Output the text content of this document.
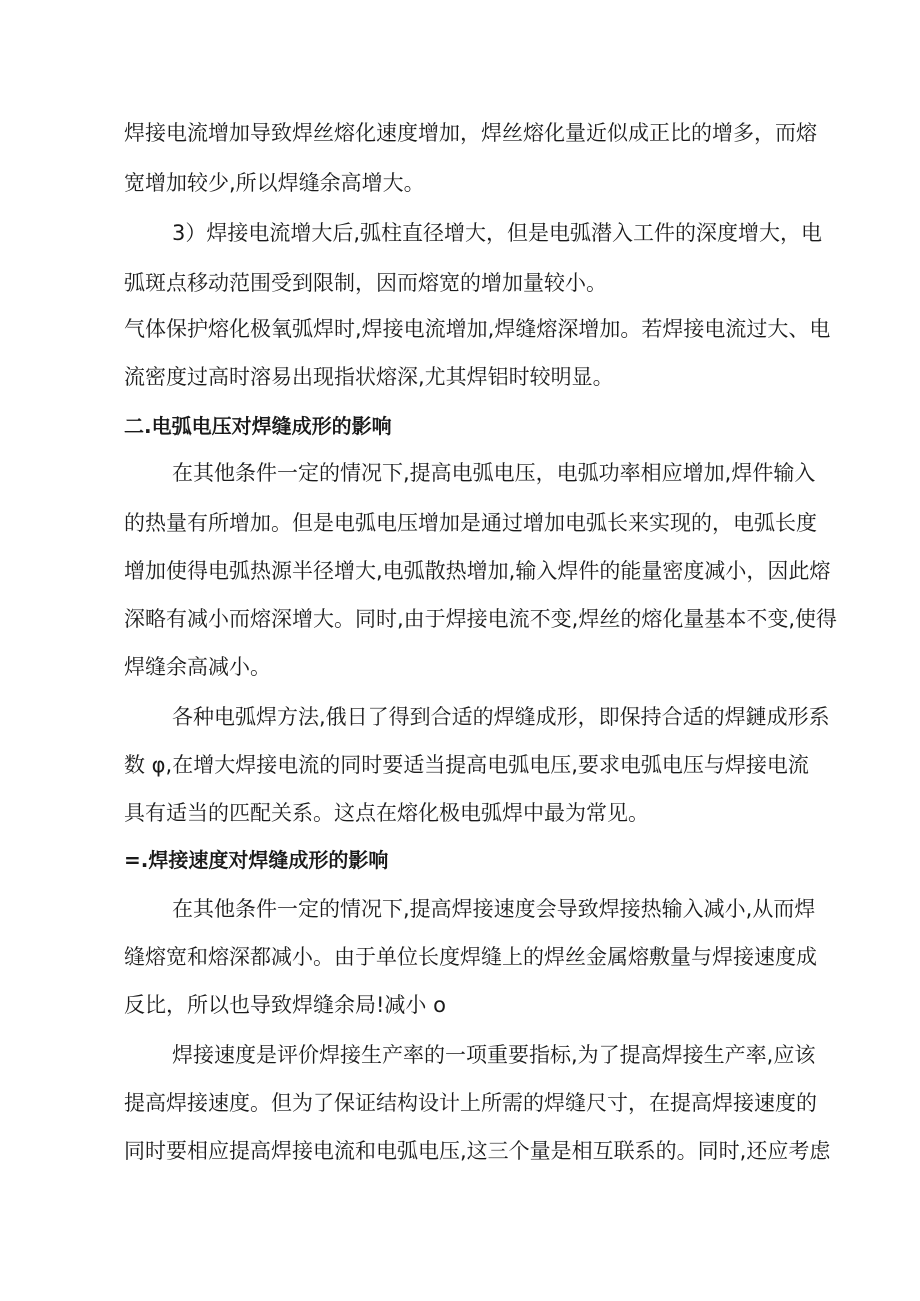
焊接电流增加导致焊丝熔化速度增加，焊丝熔化量近似成正比的增多，而熔
宽增加较少,所以焊缝余高增大。
3）焊接电流增大后,弧柱直径增大，但是电弧潜入工件的深度增大，电
弧斑点移动范围受到限制，因而熔宽的增加量较小。
气体保护熔化极氧弧焊时,焊接电流增加,焊缝熔深增加。若焊接电流过大、电
流密度过高时溶易出现指状熔深,尤其焊铝时较明显。
二.电弧电压对焊缝成形的影响
在其他条件一定的情况下,提高电弧电压，电弧功率相应增加,焊件输入
的热量有所增加。但是电弧电压增加是通过增加电弧长来实现的，电弧长度
增加使得电弧热源半径增大,电弧散热增加,输入焊件的能量密度减小，因此熔
深略有减小而熔深增大。同时,由于焊接电流不变,焊丝的熔化量基本不变,使得
焊缝余高减小。
各种电弧焊方法,俄日了得到合适的焊缝成形，即保持合适的焊鏈成形系
数 φ,在增大焊接电流的同时要适当提高电弧电压,要求电弧电压与焊接电流
具有适当的匹配关系。这点在熔化极电弧焊中最为常见。
=.焊接速度对焊缝成形的影响
在其他条件一定的情况下,提高焊接速度会导致焊接热输入减小,从而焊
缝熔宽和熔深都减小。由于单位长度焊缝上的焊丝金属熔敷量与焊接速度成
反比，所以也导致焊缝余局!减小 o
焊接速度是评价焊接生产率的一项重要指标,为了提高焊接生产率,应该
提高焊接速度。但为了保证结构设计上所需的焊缝尺寸，在提高焊接速度的
同时要相应提高焊接电流和电弧电压,这三个量是相互联系的。同时,还应考虑
